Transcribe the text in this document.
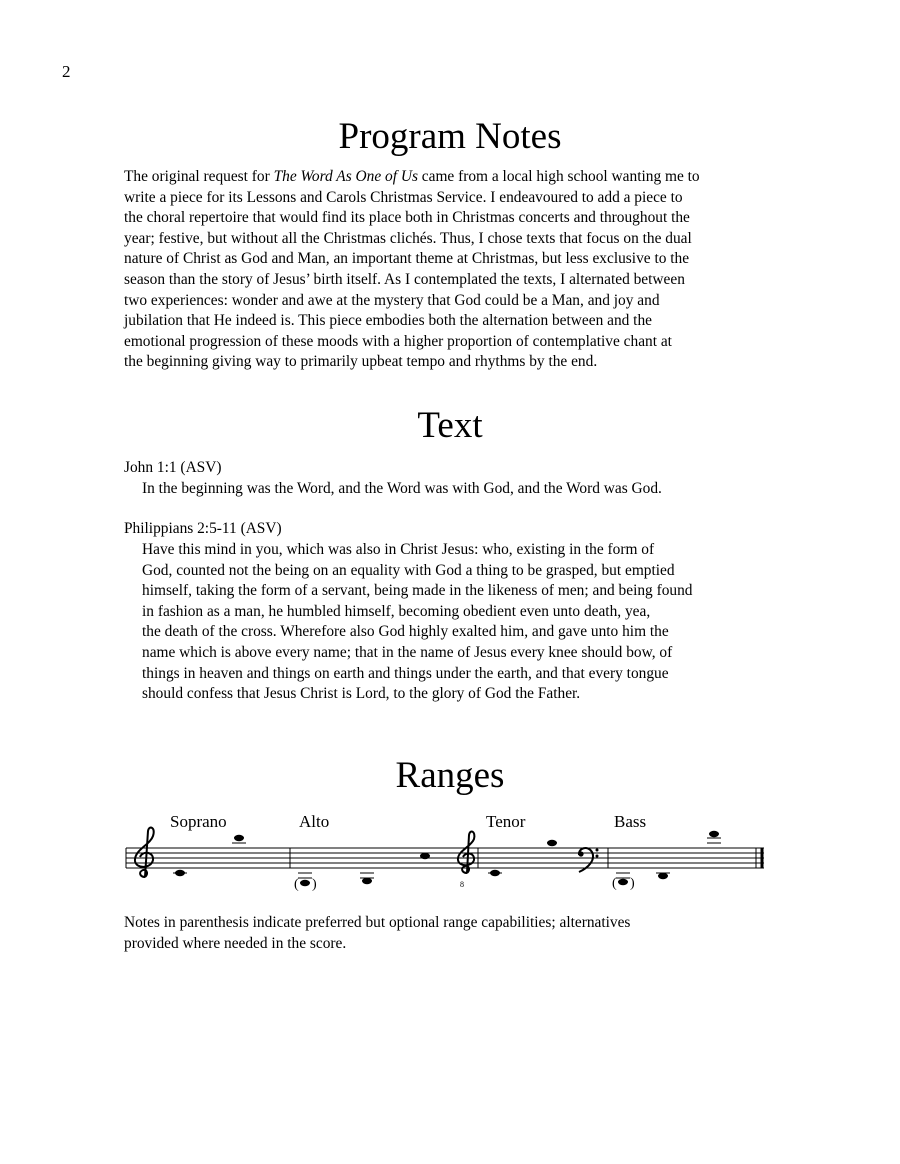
2
Program Notes
The original request for The Word As One of Us came from a local high school wanting me to
write a piece for its Lessons and Carols Christmas Service. I endeavoured to add a piece to
the choral repertoire that would find its place both in Christmas concerts and throughout the
year; festive, but without all the Christmas clichés. Thus, I chose texts that focus on the dual
nature of Christ as God and Man, an important theme at Christmas, but less exclusive to the
season than the story of Jesus’ birth itself. As I contemplated the texts, I alternated between
two experiences: wonder and awe at the mystery that God could be a Man, and joy and
jubilation that He indeed is. This piece embodies both the alternation between and the
emotional progression of these moods with a higher proportion of contemplative chant at
the beginning giving way to primarily upbeat tempo and rhythms by the end.
Text
John 1:1 (ASV)
In the beginning was the Word, and the Word was with God, and the Word was God.
Philippians 2:5-11 (ASV)
Have this mind in you, which was also in Christ Jesus: who, existing in the form of
God, counted not the being on an equality with God a thing to be grasped, but emptied
himself, taking the form of a servant, being made in the likeness of men; and being found
in fashion as a man, he humbled himself, becoming obedient even unto death, yea,
the death of the cross. Wherefore also God highly exalted him, and gave unto him the
name which is above every name; that in the name of Jesus every knee should bow, of
things in heaven and things on earth and things under the earth, and that every tongue
should confess that Jesus Christ is Lord, to the glory of God the Father.
Ranges
Soprano	Alto	Tenor	Bass
8
( )	( )
Notes in parenthesis indicate preferred but optional range capabilities; alternatives
provided where needed in the score.
